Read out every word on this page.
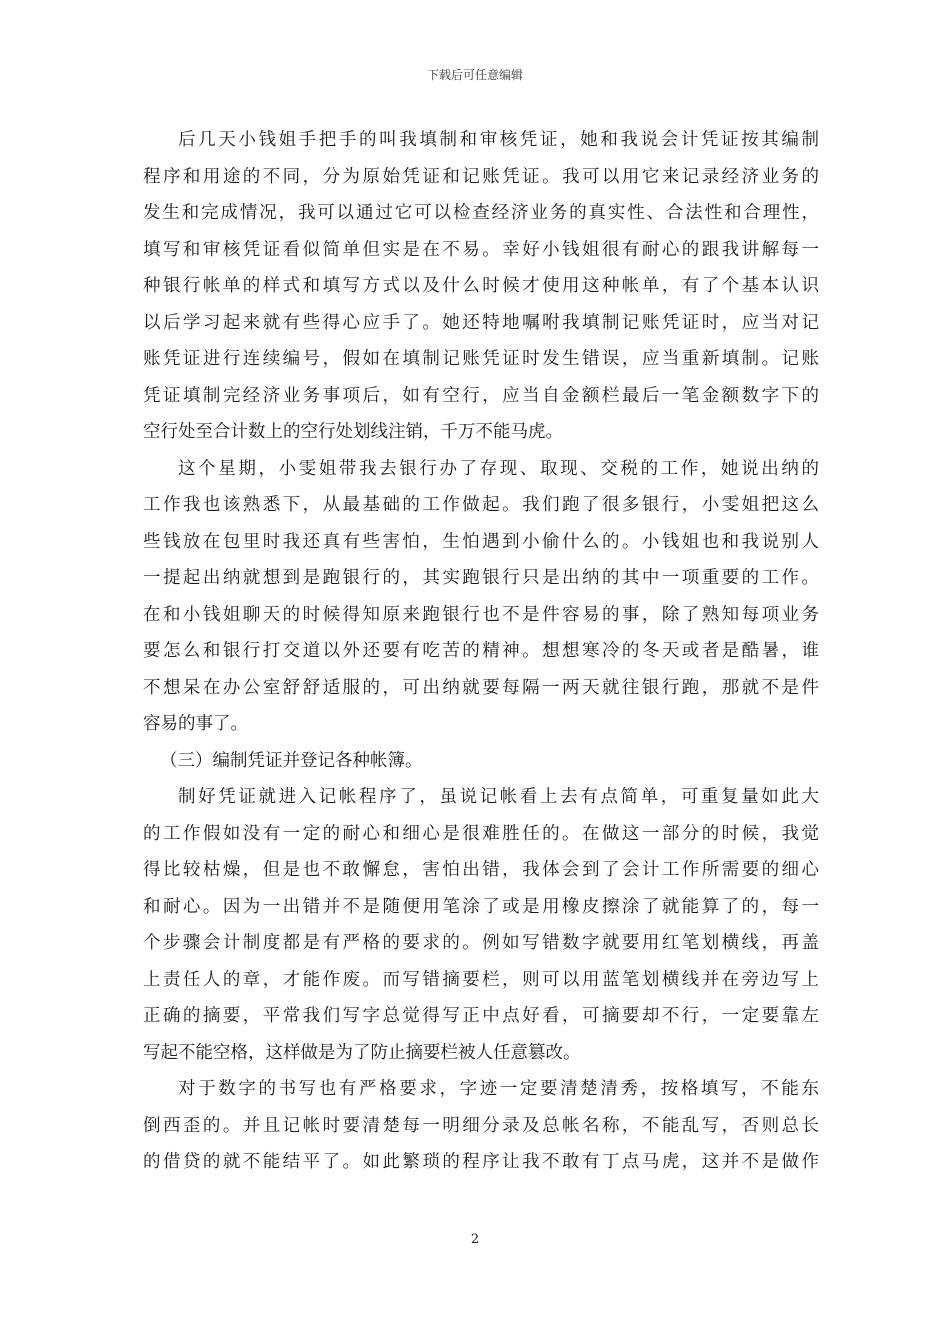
下载后可任意编辑
后几天小钱姐手把手的叫我填制和审核凭证，她和我说会计凭证按其编制
程序和用途的不同，分为原始凭证和记账凭证。我可以用它来记录经济业务的
发生和完成情况，我可以通过它可以检查经济业务的真实性、合法性和合理性，
填写和审核凭证看似简单但实是在不易。幸好小钱姐很有耐心的跟我讲解每一
种银行帐单的样式和填写方式以及什么时候才使用这种帐单，有了个基本认识
以后学习起来就有些得心应手了。她还特地嘱咐我填制记账凭证时，应当对记
账凭证进行连续编号，假如在填制记账凭证时发生错误，应当重新填制。记账
凭证填制完经济业务事项后，如有空行，应当自金额栏最后一笔金额数字下的
空行处至合计数上的空行处划线注销，千万不能马虎。
这个星期，小雯姐带我去银行办了存现、取现、交税的工作，她说出纳的
工作我也该熟悉下，从最基础的工作做起。我们跑了很多银行，小雯姐把这么
些钱放在包里时我还真有些害怕，生怕遇到小偷什么的。小钱姐也和我说别人
一提起出纳就想到是跑银行的，其实跑银行只是出纳的其中一项重要的工作。
在和小钱姐聊天的时候得知原来跑银行也不是件容易的事，除了熟知每项业务
要怎么和银行打交道以外还要有吃苦的精神。想想寒冷的冬天或者是酷暑，谁
不想呆在办公室舒舒适服的，可出纳就要每隔一两天就往银行跑，那就不是件
容易的事了。
（三）编制凭证并登记各种帐簿。
制好凭证就进入记帐程序了，虽说记帐看上去有点简单，可重复量如此大
的工作假如没有一定的耐心和细心是很难胜任的。在做这一部分的时候，我觉
得比较枯燥，但是也不敢懈怠，害怕出错，我体会到了会计工作所需要的细心
和耐心。因为一出错并不是随便用笔涂了或是用橡皮擦涂了就能算了的，每一
个步骤会计制度都是有严格的要求的。例如写错数字就要用红笔划横线，再盖
上责任人的章，才能作废。而写错摘要栏，则可以用蓝笔划横线并在旁边写上
正确的摘要，平常我们写字总觉得写正中点好看，可摘要却不行，一定要靠左
写起不能空格，这样做是为了防止摘要栏被人任意篡改。
对于数字的书写也有严格要求，字迹一定要清楚清秀，按格填写，不能东
倒西歪的。并且记帐时要清楚每一明细分录及总帐名称，不能乱写，否则总长
的借贷的就不能结平了。如此繁琐的程序让我不敢有丁点马虎，这并不是做作
2
